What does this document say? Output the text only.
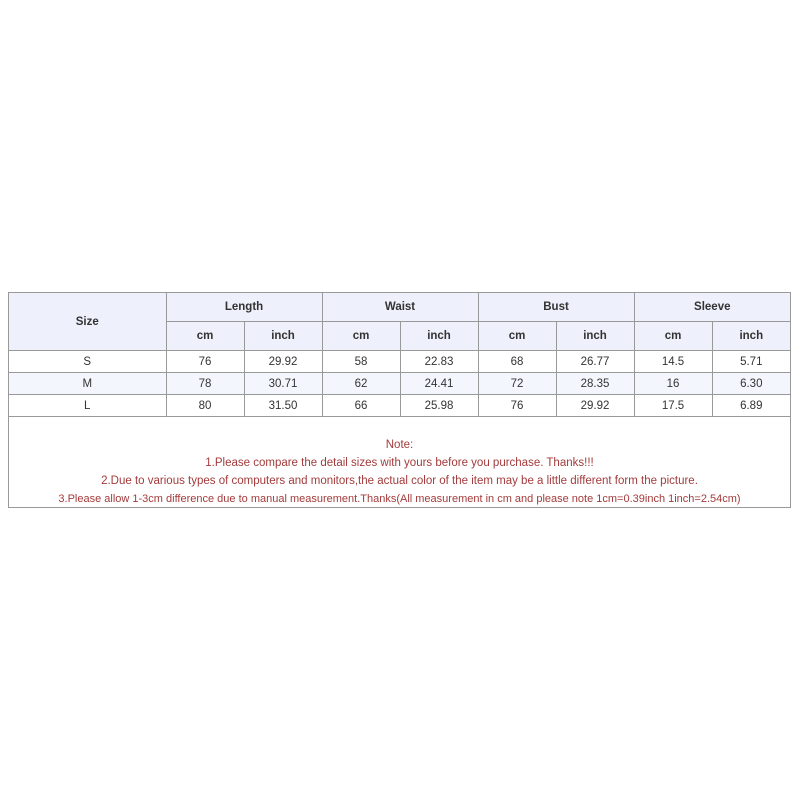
Size	Length		Waist		Bust		Sleeve	
	cm	inch	cm	inch	cm	inch	cm	inch
S	76	29.92	58	22.83	68	26.77	14.5	5.71
M	78	30.71	62	24.41	72	28.35	16	6.30
L	80	31.50	66	25.98	76	29.92	17.5	6.89
Note:
1.Please compare the detail sizes with yours before you purchase. Thanks!!!
2.Due to various types of computers and monitors,the actual color of the item may be a little different form the picture.
3.Please allow 1-3cm difference due to manual measurement.Thanks(All measurement in cm and please note 1cm=0.39inch 1inch=2.54cm)
